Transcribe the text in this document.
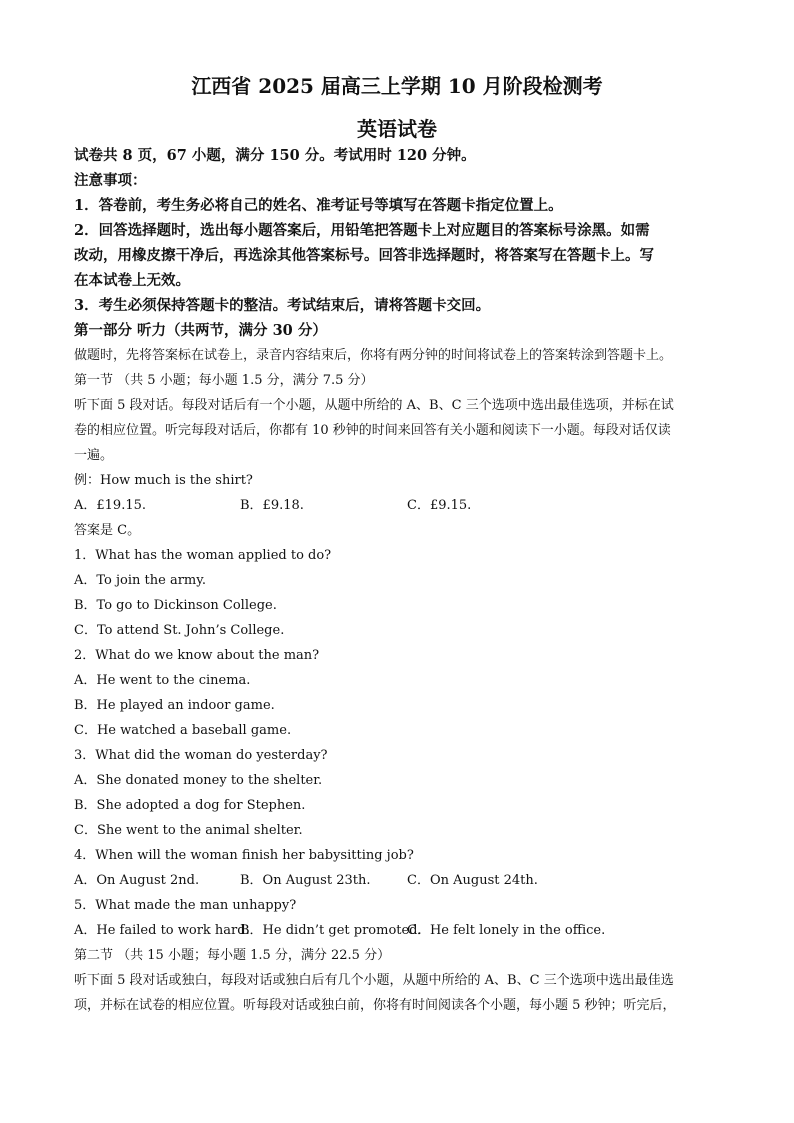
江西省 2025 届高三上学期 10 月阶段检测考
英语试卷
试卷共 8 页，67 小题，满分 150 分。考试用时 120 分钟。
注意事项：
1．答卷前，考生务必将自己的姓名、准考证号等填写在答题卡指定位置上。
2．回答选择题时，选出每小题答案后，用铅笔把答题卡上对应题目的答案标号涂黑。如需
改动，用橡皮擦干净后，再选涂其他答案标号。回答非选择题时，将答案写在答题卡上。写
在本试卷上无效。
3．考生必须保持答题卡的整洁。考试结束后，请将答题卡交回。
第一部分 听力（共两节，满分 30 分）
做题时，先将答案标在试卷上，录音内容结束后，你将有两分钟的时间将试卷上的答案转涂到答题卡上。
第一节 （共 5 小题；每小题 1.5 分，满分 7.5 分）
听下面 5 段对话。每段对话后有一个小题，从题中所给的 A、B、C 三个选项中选出最佳选项，并标在试
卷的相应位置。听完每段对话后，你都有 10 秒钟的时间来回答有关小题和阅读下一小题。每段对话仅读
一遍。
例：How much is the shirt?
A．£19.15.	B．£9.18.	C．£9.15.
答案是 C。
1．What has the woman applied to do?
A．To join the army.
B．To go to Dickinson College.
C．To attend St. John’s College.
2．What do we know about the man?
A．He went to the cinema.
B．He played an indoor game.
C．He watched a baseball game.
3．What did the woman do yesterday?
A．She donated money to the shelter.
B．She adopted a dog for Stephen.
C．She went to the animal shelter.
4．When will the woman finish her babysitting job?
A．On August 2nd.	B．On August 23th.	C．On August 24th.
5．What made the man unhappy?
A．He failed to work hard.
B．He didn’t get promoted.
C．He felt lonely in the office.
第二节 （共 15 小题；每小题 1.5 分，满分 22.5 分）
听下面 5 段对话或独白，每段对话或独白后有几个小题，从题中所给的 A、B、C 三个选项中选出最佳选
项，并标在试卷的相应位置。听每段对话或独白前，你将有时间阅读各个小题，每小题 5 秒钟；听完后，
